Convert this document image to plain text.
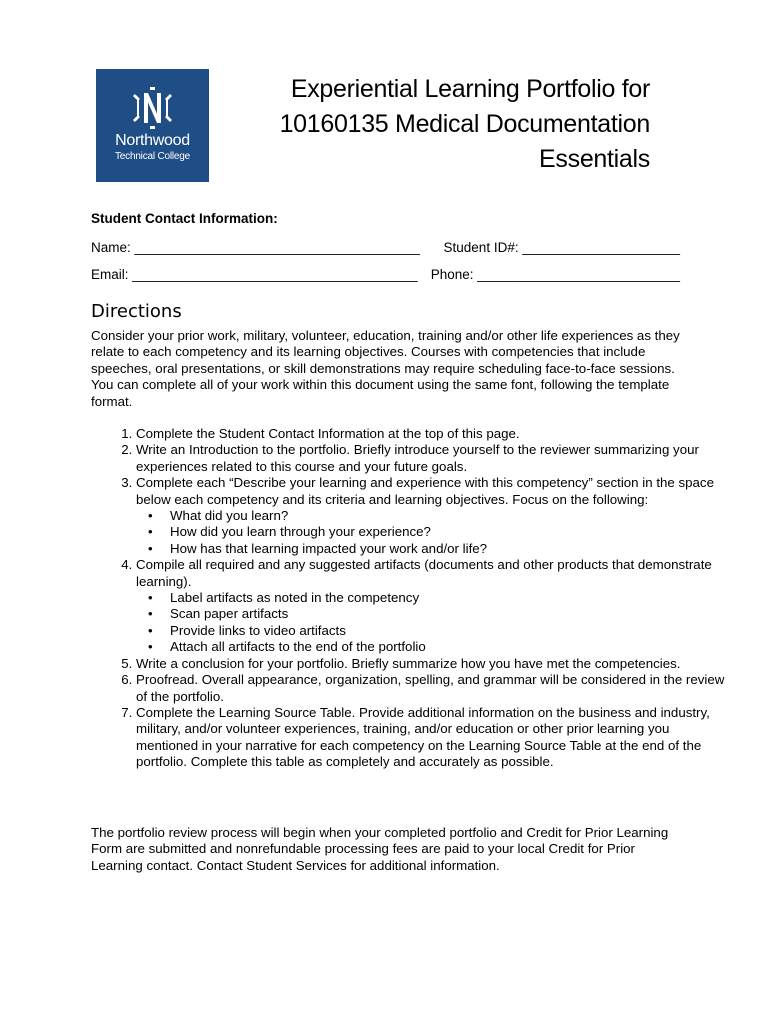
Northwood
Technical College
Experiential Learning Portfolio for
10160135 Medical Documentation
Essentials
Student Contact Information:
Name: ______________________________________ Student ID#: _____________________
Email: ______________________________________ Phone: ___________________________
Directions
Consider your prior work, military, volunteer, education, training and/or other life experiences as they relate to each competency and its learning objectives. Courses with competencies that include speeches, oral presentations, or skill demonstrations may require scheduling face-to-face sessions. You can complete all of your work within this document using the same font, following the template format.
1. Complete the Student Contact Information at the top of this page.
2. Write an Introduction to the portfolio. Briefly introduce yourself to the reviewer summarizing your experiences related to this course and your future goals.
3. Complete each “Describe your learning and experience with this competency” section in the space below each competency and its criteria and learning objectives. Focus on the following:
• What did you learn?
• How did you learn through your experience?
• How has that learning impacted your work and/or life?
4. Compile all required and any suggested artifacts (documents and other products that demonstrate learning).
• Label artifacts as noted in the competency
• Scan paper artifacts
• Provide links to video artifacts
• Attach all artifacts to the end of the portfolio
5. Write a conclusion for your portfolio. Briefly summarize how you have met the competencies.
6. Proofread. Overall appearance, organization, spelling, and grammar will be considered in the review of the portfolio.
7. Complete the Learning Source Table. Provide additional information on the business and industry, military, and/or volunteer experiences, training, and/or education or other prior learning you mentioned in your narrative for each competency on the Learning Source Table at the end of the portfolio. Complete this table as completely and accurately as possible.
The portfolio review process will begin when your completed portfolio and Credit for Prior Learning Form are submitted and nonrefundable processing fees are paid to your local Credit for Prior Learning contact. Contact Student Services for additional information.
